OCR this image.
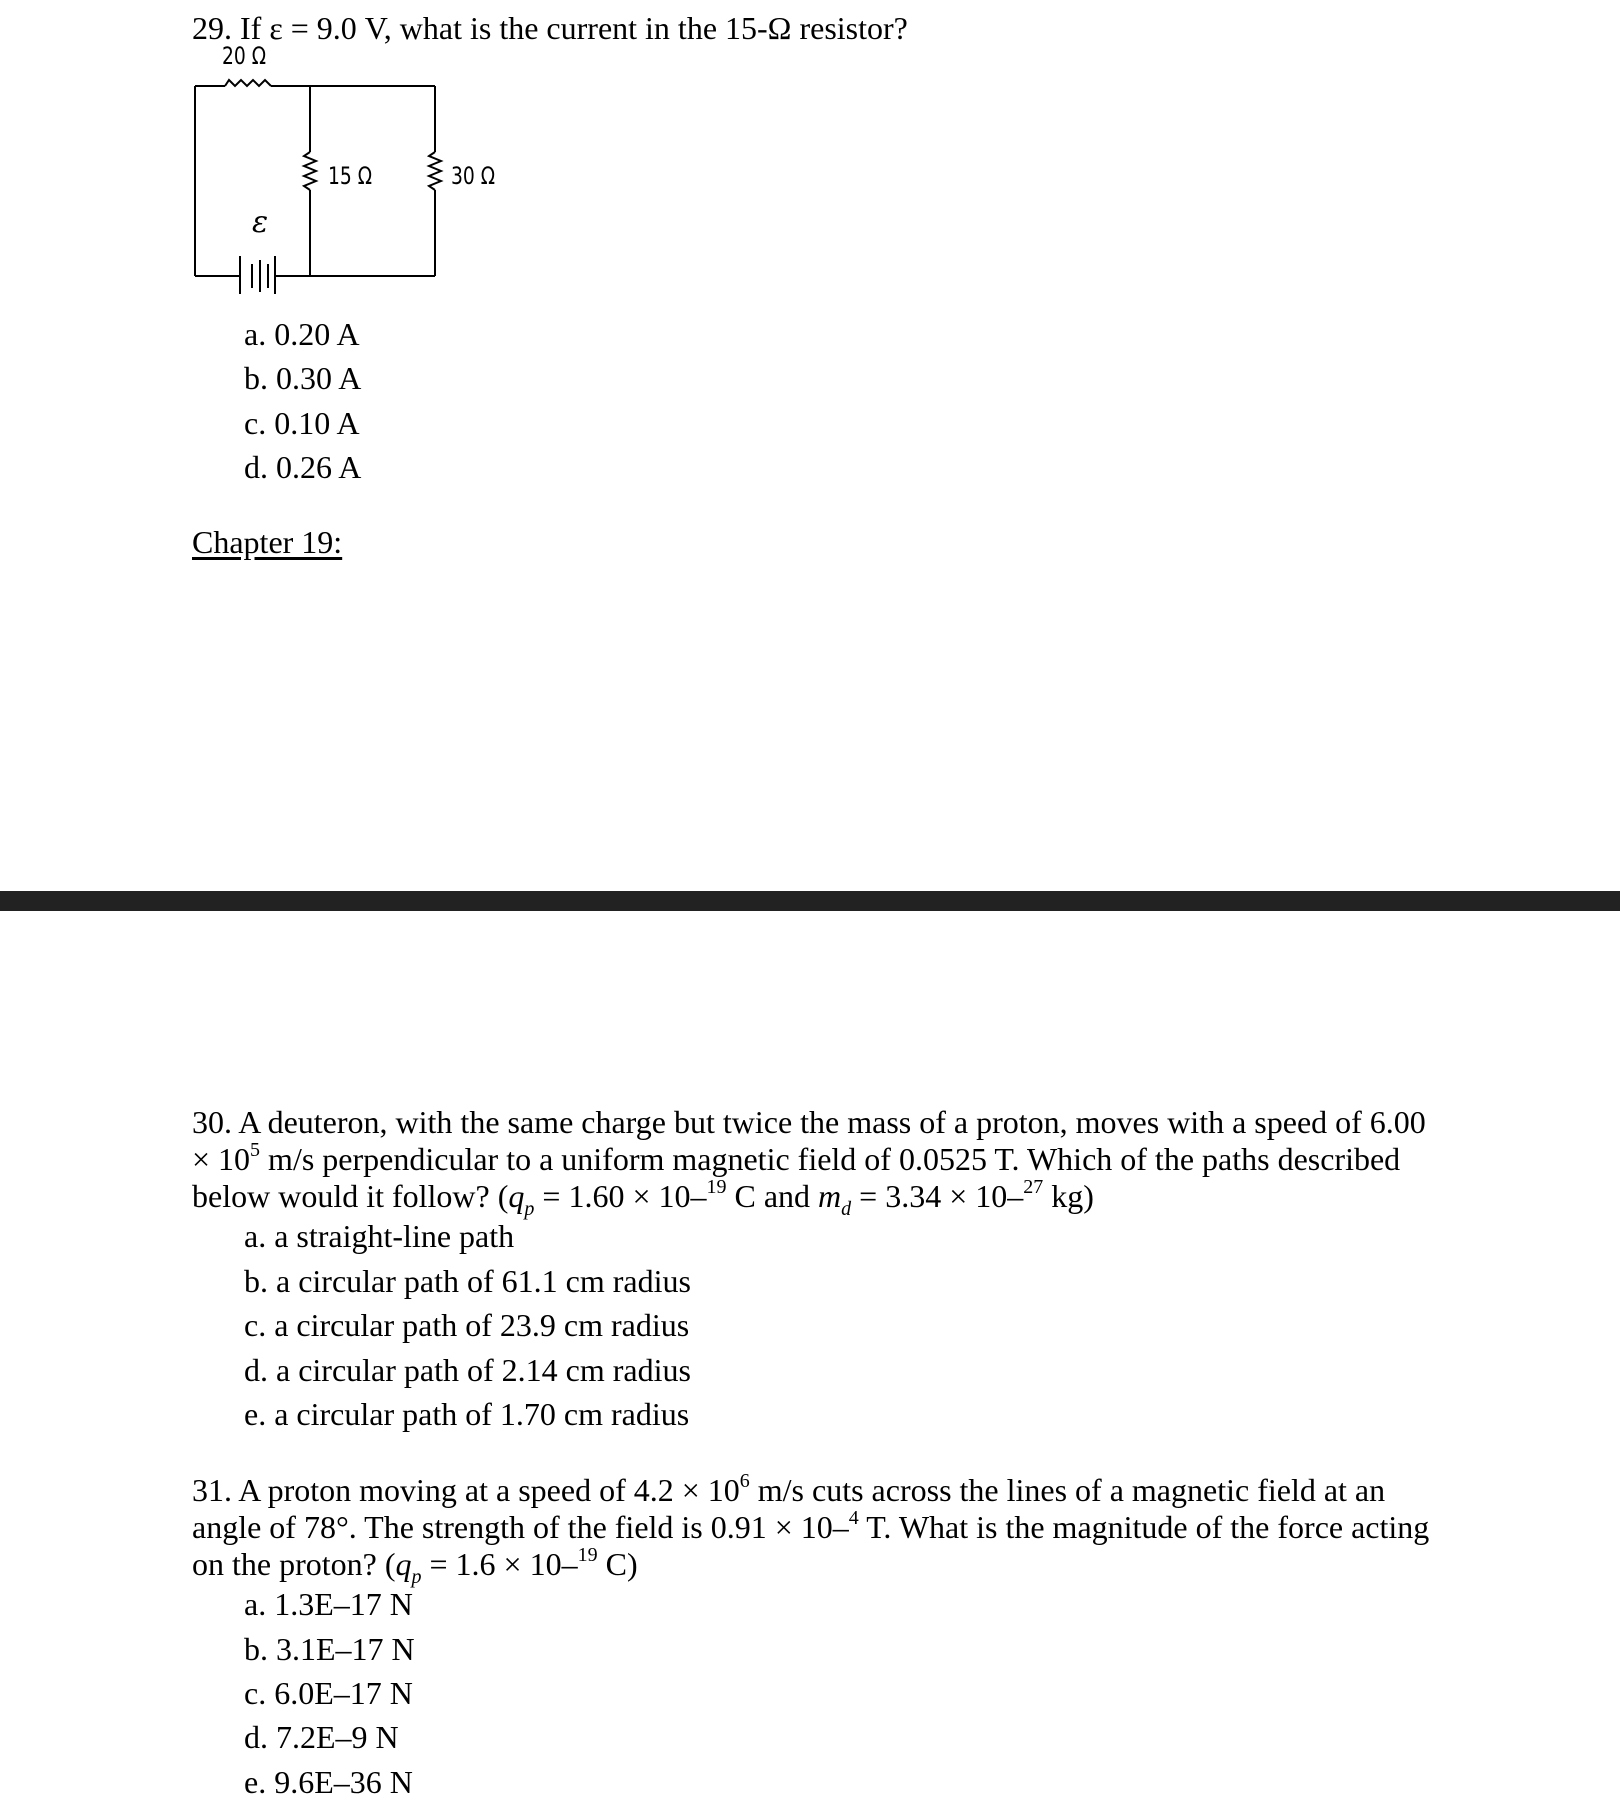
29. If ε = 9.0 V, what is the current in the 15-Ω resistor?
20 Ω
15 Ω	30 Ω
ε
a. 0.20 A
b. 0.30 A
c. 0.10 A
d. 0.26 A
Chapter 19:
30. A deuteron, with the same charge but twice the mass of a proton, moves with a speed of 6.00
× $10^5$ m/s perpendicular to a uniform magnetic field of 0.0525 T. Which of the paths described
below would it follow? ($q_p = 1.60 \times 10-^{19}$ C and $m_d = 3.34 \times 10-^{27}$ kg)
a. a straight-line path
b. a circular path of 61.1 cm radius
c. a circular path of 23.9 cm radius
d. a circular path of 2.14 cm radius
e. a circular path of 1.70 cm radius
31. A proton moving at a speed of $4.2 \times 10^6$ m/s cuts across the lines of a magnetic field at an
angle of 78°. The strength of the field is 0.91 × 10–$^4$ T. What is the magnitude of the force acting
on the proton? ($q_p = 1.6 \times 10-^{19}$ C)
a. 1.3E–17 N
b. 3.1E–17 N
c. 6.0E–17 N
d. 7.2E–9 N
e. 9.6E–36 N
